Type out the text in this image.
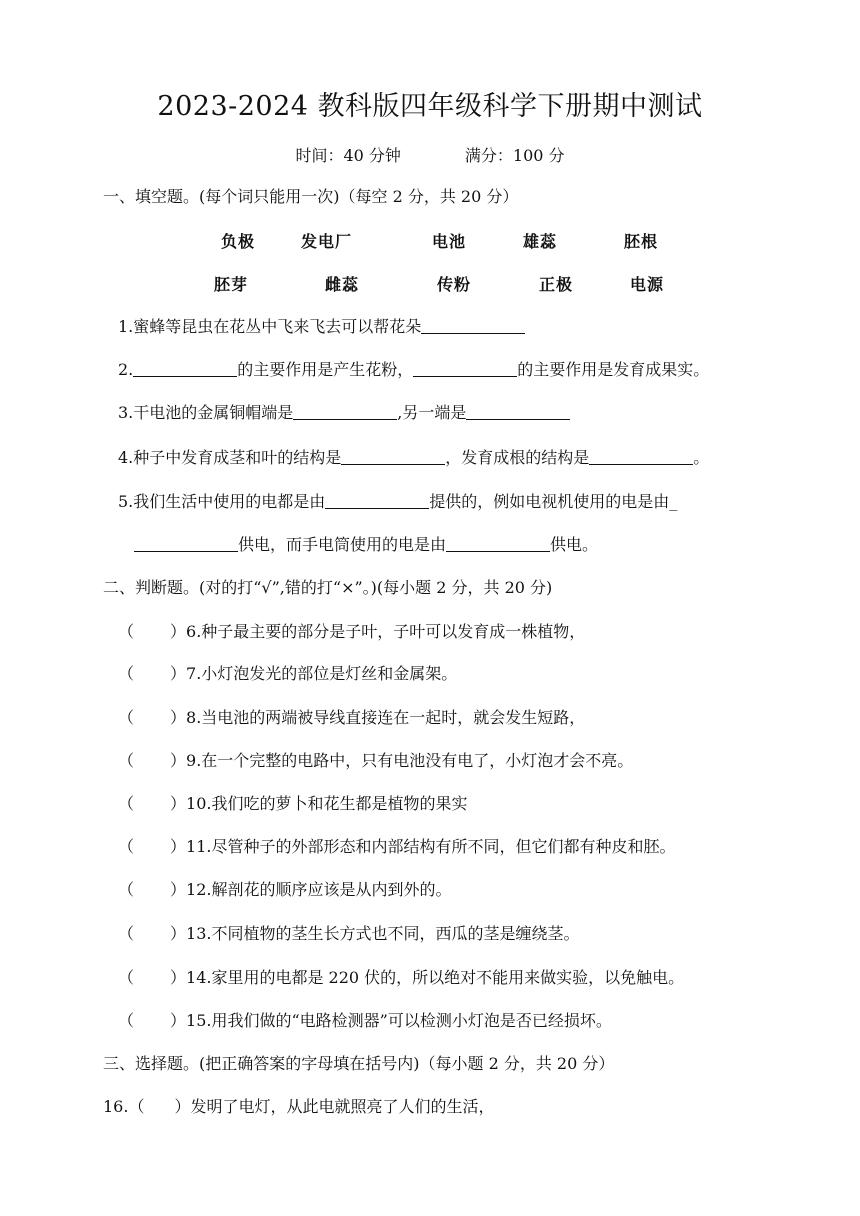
2023-2024 教科版四年级科学下册期中测试
时间：40 分钟	满分：100 分
一、填空题。(每个词只能用一次)（每空 2 分，共 20 分）
负极	发电厂	电池	雄蕊	胚根
胚芽	雌蕊	传粉	正极	电源
1.蜜蜂等昆虫在花丛中飞来飞去可以帮花朵
2.	的主要作用是产生花粉，	的主要作用是发育成果实。
3.干电池的金属铜帽端是	,另一端是
4.种子中发育成茎和叶的结构是	，发育成根的结构是	。
5.我们生活中使用的电都是由	提供的，例如电视机使用的电是由_
供电，而手电筒使用的电是由	供电。
二、判断题。(对的打“√”,错的打“×”。)(每小题 2 分，共 20 分)
（ ）6.种子最主要的部分是子叶，子叶可以发育成一株植物，
（ ）7.小灯泡发光的部位是灯丝和金属架。
（ ）8.当电池的两端被导线直接连在一起时，就会发生短路，
（ ）9.在一个完整的电路中，只有电池没有电了，小灯泡才会不亮。
（ ）10.我们吃的萝卜和花生都是植物的果实
（ ）11.尽管种子的外部形态和内部结构有所不同，但它们都有种皮和胚。
（ ）12.解剖花的顺序应该是从内到外的。
（ ）13.不同植物的茎生长方式也不同，西瓜的茎是缠绕茎。
（ ）14.家里用的电都是 220 伏的，所以绝对不能用来做实验，以免触电。
（ ）15.用我们做的“电路检测器”可以检测小灯泡是否已经损坏。
三、选择题。(把正确答案的字母填在括号内)（每小题 2 分，共 20 分）
16.（ ）发明了电灯，从此电就照亮了人们的生活，
